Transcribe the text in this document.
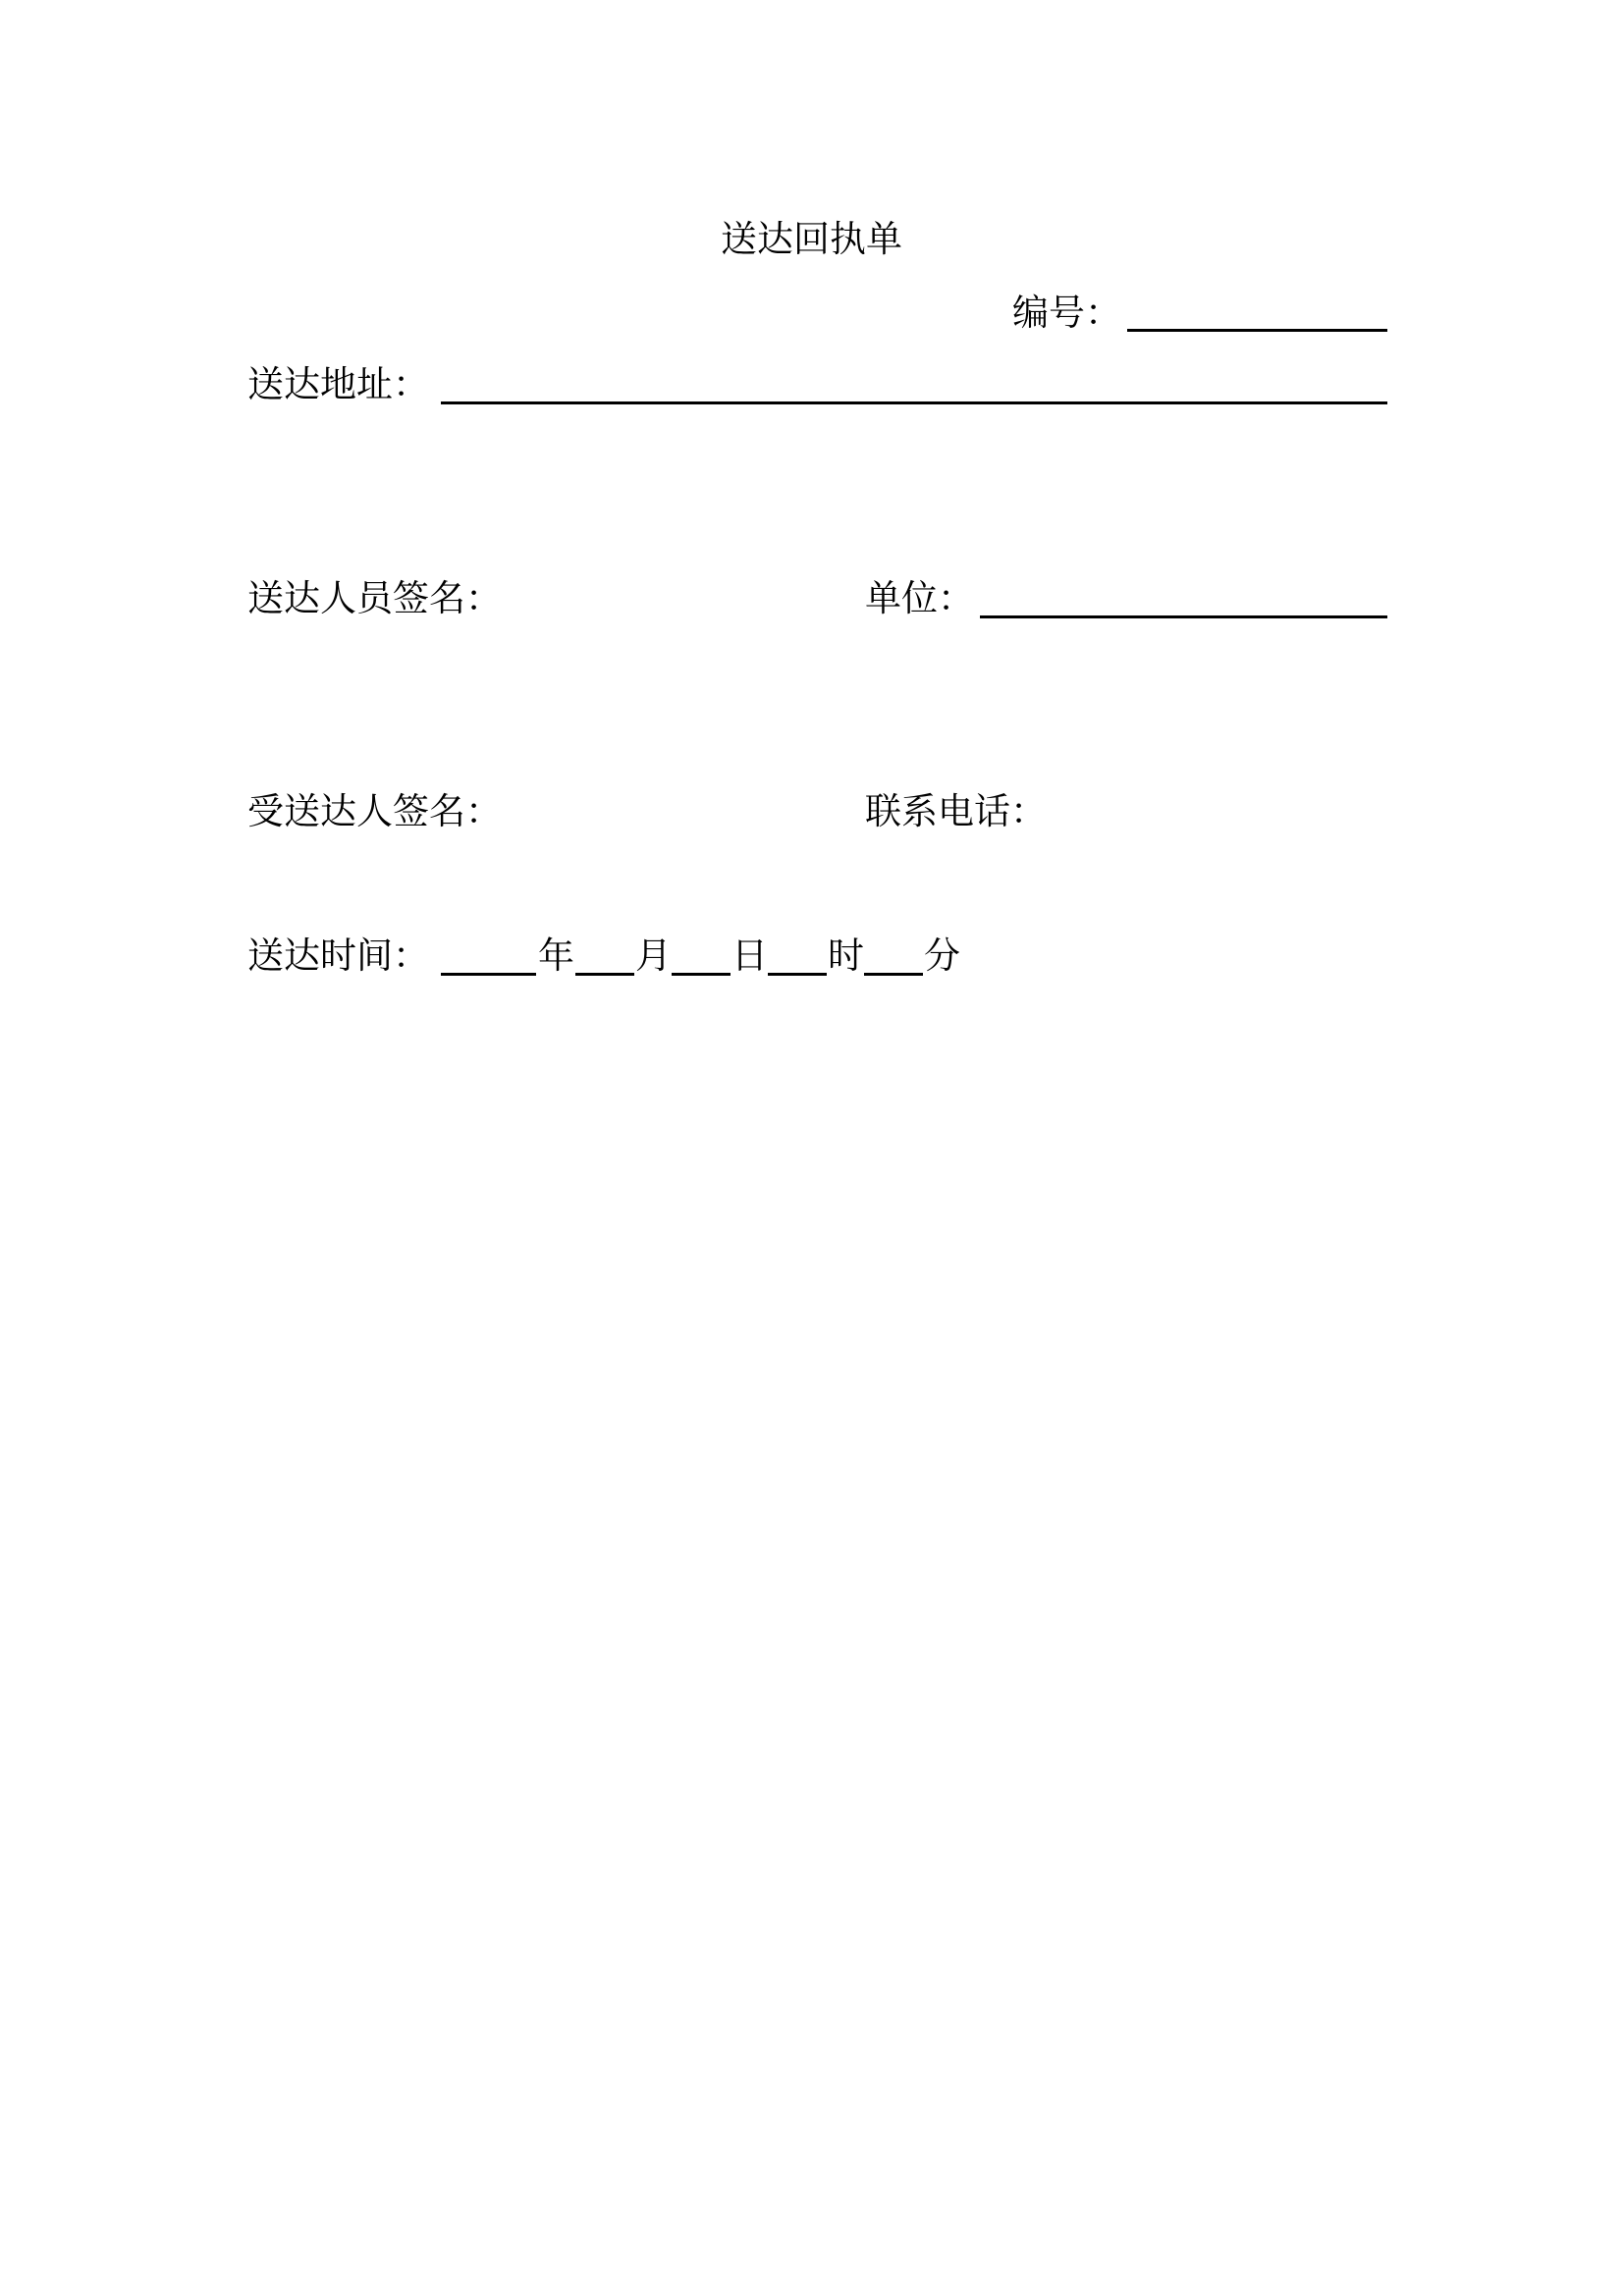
送达回执单
编号：
送达地址：
送达人员签名：	单位：
受送达人签名：	联系电话：
送达时间：	年 月 日 时 分
